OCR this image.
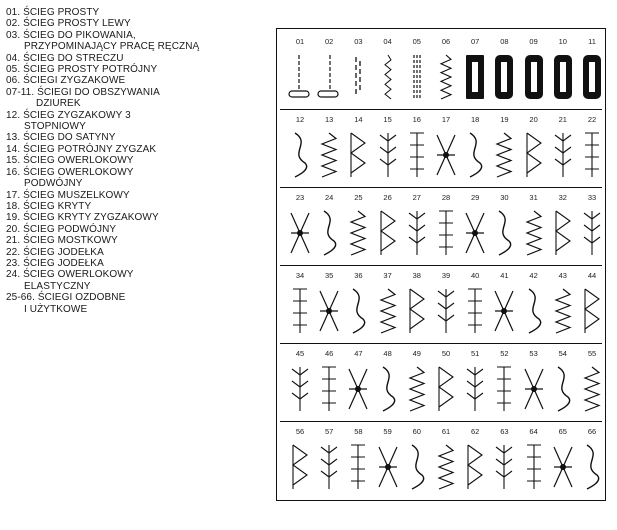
01. ŚCIEG PROSTY
02. ŚCIEG PROSTY LEWY
03. ŚCIEG DO PIKOWANIA,
PRZYPOMINAJĄCY PRACĘ RĘCZNĄ
04. ŚCIEG DO STRECZU
05. ŚCIEG PROSTY POTRÓJNY
06. ŚCIEGI ZYGZAKOWE
07-11. ŚCIEGI DO OBSZYWANIA
DZIUREK
12. ŚCIEG ZYGZAKOWY 3
STOPNIOWY
13. ŚCIEG DO SATYNY
14. ŚCIEG POTRÓJNY ZYGZAK
15. ŚCIEG OWERLOKOWY
16. ŚCIEG OWERLOKOWY
PODWÓJNY
17. ŚCIEG MUSZELKOWY
18. ŚCIEG KRYTY
19. ŚCIEG KRYTY ZYGZAKOWY
20. ŚCIEG PODWÓJNY
21. ŚCIEG MOSTKOWY
22. ŚCIEG JODEŁKA
23. ŚCIEG JODEŁKA
24. ŚCIEG OWERLOKOWY
ELASTYCZNY
25-66. ŚCIEGI OZDOBNE
I UŻYTKOWE
01	02	03	04	05	06	07	08	09	10	11
12	13	14	15	16	17	18	19	20	21	22
23	24	25	26	27	28	29	30	31	32	33
34	35	36	37	38	39	40	41	42	43	44
45	46	47	48	49	50	51	52	53	54	55
56	57	58	59	60	61	62	63	64	65	66
